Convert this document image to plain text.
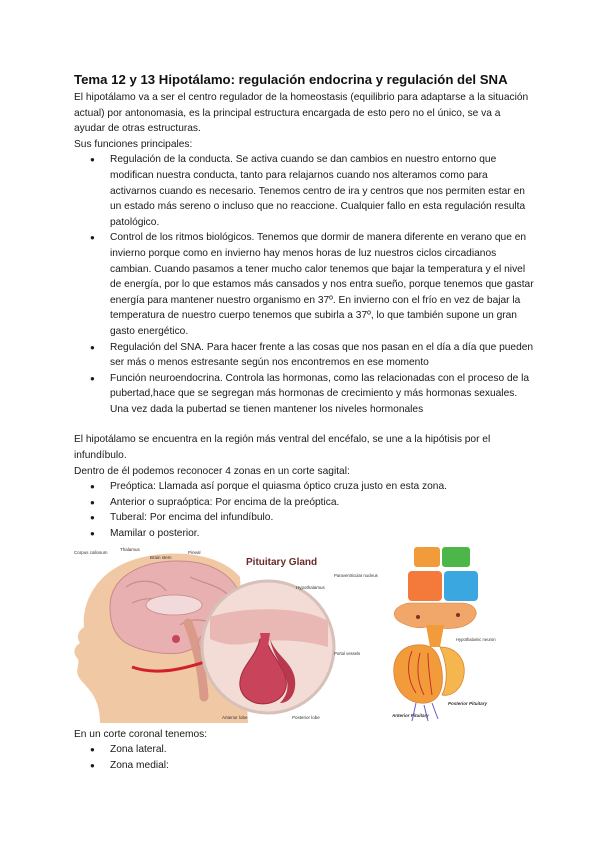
Tema 12 y 13 Hipotálamo: regulación endocrina y regulación del SNA

El hipotálamo va a ser el centro regulador de la homeostasis (equilibrio para adaptarse a la situación actual) por antonomasia, es la principal estructura encargada de esto pero no el único, se va a ayudar de otras estructuras.

Sus funciones principales:

● Regulación de la conducta. Se activa cuando se dan cambios en nuestro entorno que modifican nuestra conducta, tanto para relajarnos cuando nos alteramos como para activarnos cuando es necesario. Tenemos centro de ira y centros que nos permiten estar en un estado más sereno o incluso que no reaccione. Cualquier fallo en esta regulación resulta patológico.
● Control de los ritmos biológicos. Tenemos que dormir de manera diferente en verano que en invierno porque como en invierno hay menos horas de luz nuestros ciclos circadianos cambian. Cuando pasamos a tener mucho calor tenemos que bajar la temperatura y el nivel de energía, por lo que estamos más cansados y nos entra sueño, porque tenemos que gastar energía para mantener nuestro organismo en 37º. En invierno con el frío en vez de bajar la temperatura de nuestro cuerpo tenemos que subirla a 37º, lo que también supone un gran gasto energético.
● Regulación del SNA. Para hacer frente a las cosas que nos pasan en el día a día que pueden ser más o menos estresante según nos encontremos en ese momento
● Función neuroendocrina. Controla las hormonas, como las relacionadas con el proceso de la pubertad,hace que se segregan más hormonas de crecimiento y más hormonas sexuales. Una vez dada la pubertad se tienen mantener los niveles hormonales

El hipotálamo se encuentra en la región más ventral del encéfalo, se une a la hipótisis por el infundíbulo.

Dentro de él podemos reconocer 4 zonas en un corte sagital:

● Preóptica: Llamada así porque el quiasma óptico cruza justo en esta zona.
● Anterior o supraóptica: Por encima de la preóptica.
● Tuberal: Por encima del infundíbulo.
● Mamilar o posterior.
Corpus callosum
Thalamus
Brain stem
Pineal
Pituitary Gland
Hypothalamus
Anterior lobe	Posterior lobe
Paraventricular nucleus
Hypothalamic neuron
Portal vessels
Posterior Pituitary
Anterior Pituitary

En un corte coronal tenemos:

● Zona lateral.
● Zona medial:
